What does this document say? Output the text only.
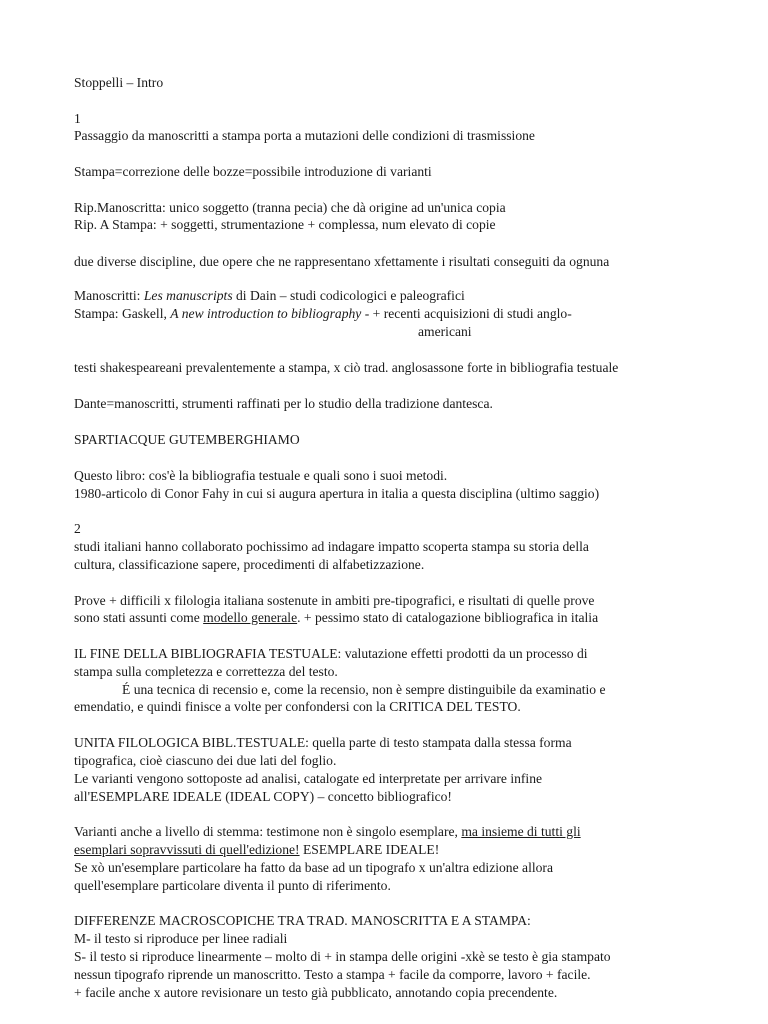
Stoppelli – Intro
1
Passaggio da manoscritti a stampa porta a mutazioni delle condizioni di trasmissione
Stampa=correzione delle bozze=possibile introduzione di varianti
Rip.Manoscritta: unico soggetto (tranna pecia) che dà origine ad un'unica copia
Rip. A Stampa: + soggetti, strumentazione + complessa, num elevato di copie
due diverse discipline, due opere che ne rappresentano xfettamente i risultati conseguiti da ognuna
Manoscritti: Les manuscripts di Dain – studi codicologici e paleografici
Stampa: Gaskell, A new introduction to bibliography - + recenti acquisizioni di studi anglo-
americani
testi shakespeareani prevalentemente a stampa, x ciò trad. anglosassone forte in bibliografia testuale
Dante=manoscritti, strumenti raffinati per lo studio della tradizione dantesca.
SPARTIACQUE GUTEMBERGHIAMO
Questo libro: cos'è la bibliografia testuale e quali sono i suoi metodi.
1980-articolo di Conor Fahy in cui si augura apertura in italia a questa disciplina (ultimo saggio)
2
studi italiani hanno collaborato pochissimo ad indagare impatto scoperta stampa su storia della
cultura, classificazione sapere, procedimenti di alfabetizzazione.
Prove + difficili x filologia italiana sostenute in ambiti pre-tipografici, e risultati di quelle prove
sono stati assunti come modello generale. + pessimo stato di catalogazione bibliografica in italia
IL FINE DELLA BIBLIOGRAFIA TESTUALE: valutazione effetti prodotti da un processo di
stampa sulla completezza e correttezza del testo.
É una tecnica di recensio e, come la recensio, non è sempre distinguibile da examinatio e
emendatio, e quindi finisce a volte per confondersi con la CRITICA DEL TESTO.
UNITA FILOLOGICA BIBL.TESTUALE: quella parte di testo stampata dalla stessa forma
tipografica, cioè ciascuno dei due lati del foglio.
Le varianti vengono sottoposte ad analisi, catalogate ed interpretate per arrivare infine
all'ESEMPLARE IDEALE (IDEAL COPY) – concetto bibliografico!
Varianti anche a livello di stemma: testimone non è singolo esemplare, ma insieme di tutti gli
esemplari sopravvissuti di quell'edizione! ESEMPLARE IDEALE!
Se xò un'esemplare particolare ha fatto da base ad un tipografo x un'altra edizione allora
quell'esemplare particolare diventa il punto di riferimento.
DIFFERENZE MACROSCOPICHE TRA TRAD. MANOSCRITTA E A STAMPA:
M- il testo si riproduce per linee radiali
S- il testo si riproduce linearmente – molto di + in stampa delle origini -xkè se testo è gia stampato
nessun tipografo riprende un manoscritto. Testo a stampa + facile da comporre, lavoro + facile.
+ facile anche x autore revisionare un testo già pubblicato, annotando copia precendente.
